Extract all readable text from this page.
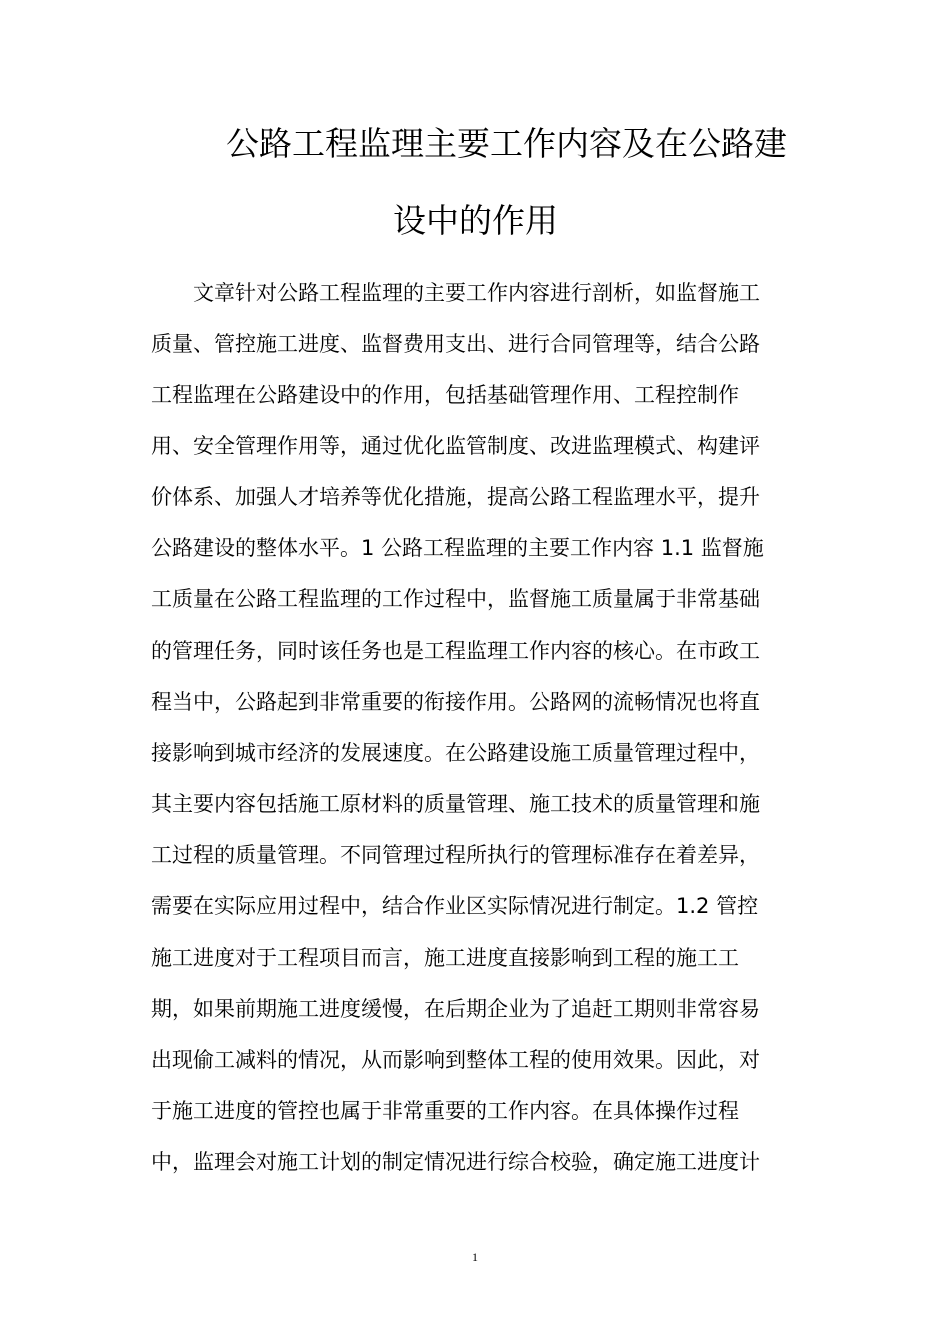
公路工程监理主要工作内容及在公路建
设中的作用
　　文章针对公路工程监理的主要工作内容进行剖析，如监督施工
质量、管控施工进度、监督费用支出、进行合同管理等，结合公路
工程监理在公路建设中的作用，包括基础管理作用、工程控制作
用、安全管理作用等，通过优化监管制度、改进监理模式、构建评
价体系、加强人才培养等优化措施，提高公路工程监理水平，提升
公路建设的整体水平。1 公路工程监理的主要工作内容 1.1 监督施
工质量在公路工程监理的工作过程中，监督施工质量属于非常基础
的管理任务，同时该任务也是工程监理工作内容的核心。在市政工
程当中，公路起到非常重要的衔接作用。公路网的流畅情况也将直
接影响到城市经济的发展速度。在公路建设施工质量管理过程中，
其主要内容包括施工原材料的质量管理、施工技术的质量管理和施
工过程的质量管理。不同管理过程所执行的管理标准存在着差异，
需要在实际应用过程中，结合作业区实际情况进行制定。1.2 管控
施工进度对于工程项目而言，施工进度直接影响到工程的施工工
期，如果前期施工进度缓慢，在后期企业为了追赶工期则非常容易
出现偷工减料的情况，从而影响到整体工程的使用效果。因此，对
于施工进度的管控也属于非常重要的工作内容。在具体操作过程
中，监理会对施工计划的制定情况进行综合校验，确定施工进度计
1
